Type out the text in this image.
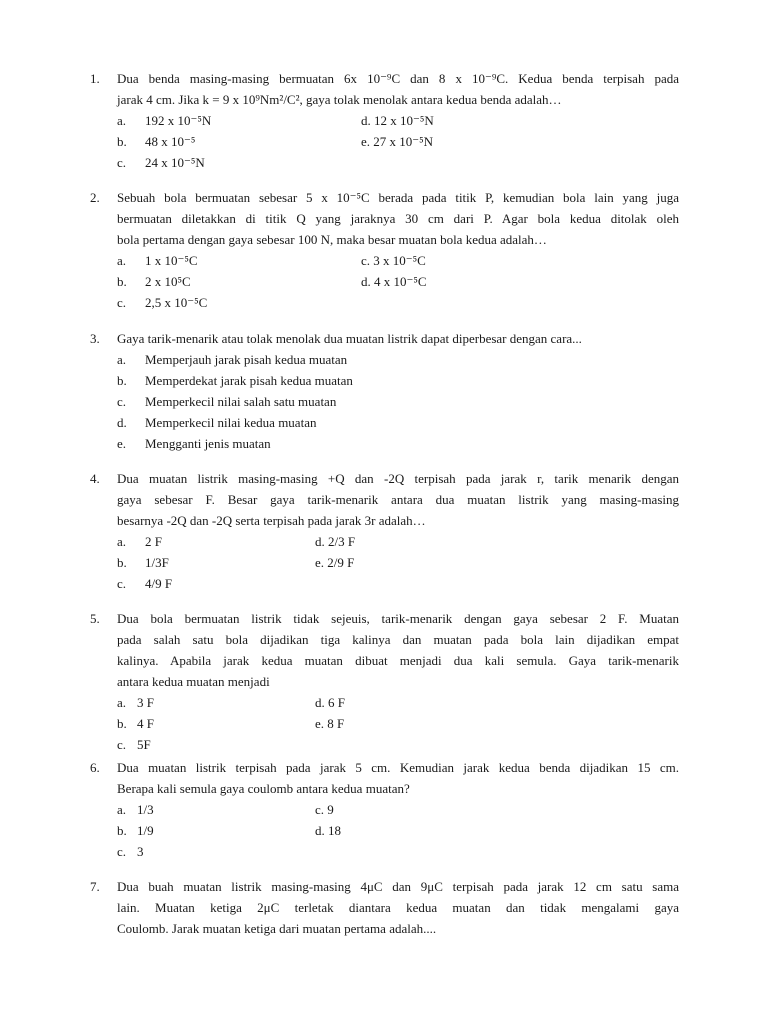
1. Dua benda masing-masing bermuatan 6x 10⁻⁹C dan 8 x 10⁻⁹C. Kedua benda terpisah pada
jarak 4 cm. Jika k = 9 x 10⁹Nm²/C², gaya tolak menolak antara kedua benda adalah…
a. 192 x 10⁻⁵N
b. 48 x 10⁻⁵
c. 24 x 10⁻⁵N
d. 12 x 10⁻⁵N
e. 27 x 10⁻⁵N
2. Sebuah bola bermuatan sebesar 5 x 10⁻⁵C berada pada titik P, kemudian bola lain yang juga
bermuatan diletakkan di titik Q yang jaraknya 30 cm dari P. Agar bola kedua ditolak oleh
bola pertama dengan gaya sebesar 100 N, maka besar muatan bola kedua adalah…
a. 1 x 10⁻⁵C
b. 2 x 10⁵C
c. 2,5 x 10⁻⁵C
c. 3 x 10⁻⁵C
d. 4 x 10⁻⁵C
3. Gaya tarik-menarik atau tolak menolak dua muatan listrik dapat diperbesar dengan cara...
a. Memperjauh jarak pisah kedua muatan
b. Memperdekat jarak pisah kedua muatan
c. Memperkecil nilai salah satu muatan
d. Memperkecil nilai kedua muatan
e. Mengganti jenis muatan
4. Dua muatan listrik masing-masing +Q dan -2Q terpisah pada jarak r, tarik menarik dengan
gaya sebesar F. Besar gaya tarik-menarik antara dua muatan listrik yang masing-masing
besarnya -2Q dan -2Q serta terpisah pada jarak 3r adalah…
a. 2 F
b. 1/3F
c. 4/9 F
d. 2/3 F
e. 2/9 F
5. Dua bola bermuatan listrik tidak sejeuis, tarik-menarik dengan gaya sebesar 2 F. Muatan
pada salah satu bola dijadikan tiga kalinya dan muatan pada bola lain dijadikan empat
kalinya. Apabila jarak kedua muatan dibuat menjadi dua kali semula. Gaya tarik-menarik
antara kedua muatan menjadi
a. 3 F
b. 4 F
c. 5F
d. 6 F
e. 8 F
6. Dua muatan listrik terpisah pada jarak 5 cm. Kemudian jarak kedua benda dijadikan 15 cm.
Berapa kali semula gaya coulomb antara kedua muatan?
a. 1/3
b. 1/9
c. 3
c. 9
d. 18
7. Dua buah muatan listrik masing-masing 4μC dan 9μC terpisah pada jarak 12 cm satu sama
lain. Muatan ketiga 2μC terletak diantara kedua muatan dan tidak mengalami gaya
Coulomb. Jarak muatan ketiga dari muatan pertama adalah....
